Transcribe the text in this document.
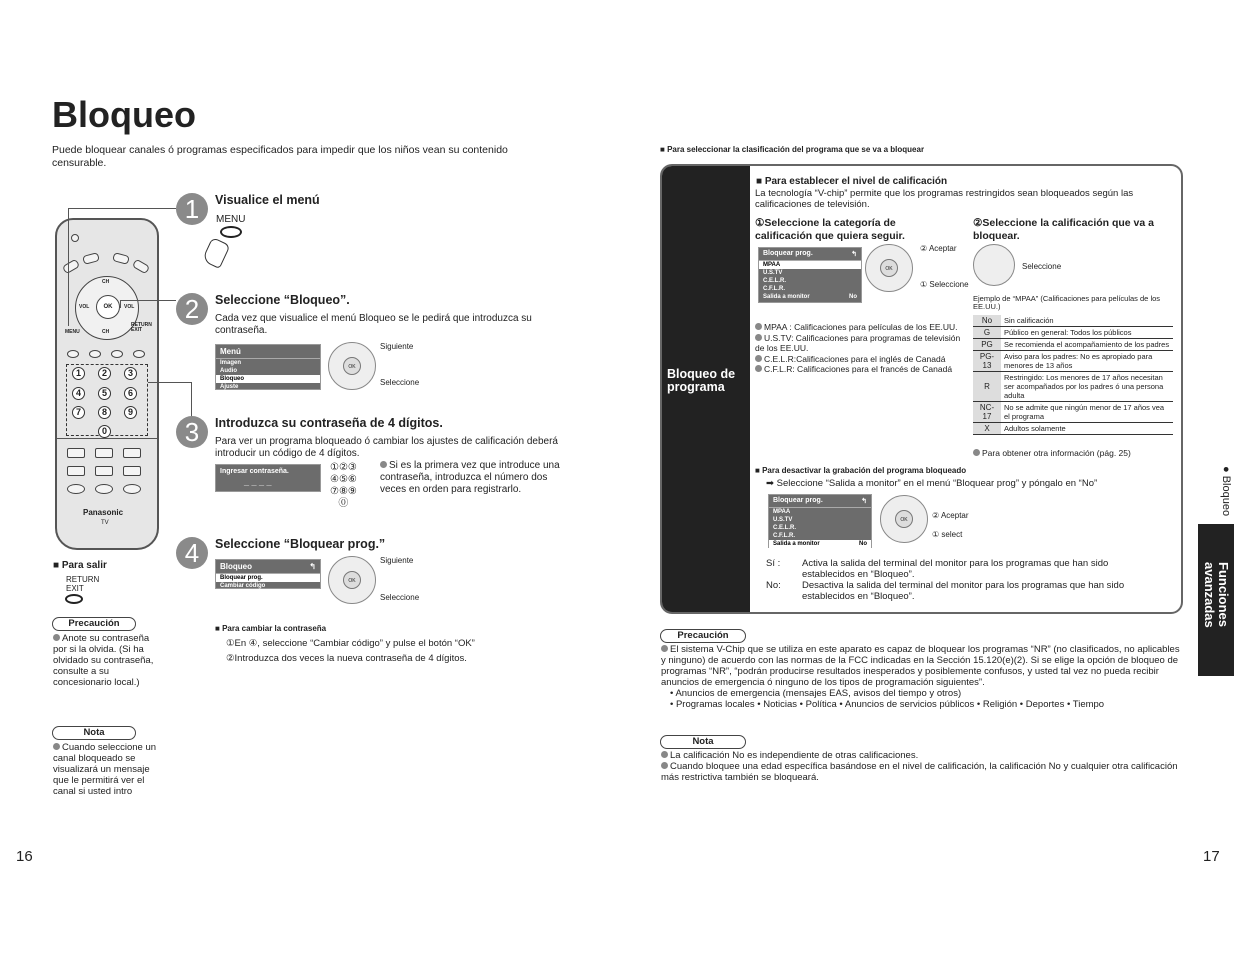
Bloqueo
Puede bloquear canales ó programas especificados para impedir que los niños vean su contenido censurable.
CH
OK
VOL	VOL
CH
MENU
RETURN EXIT
1	2	3
4	5	6
7	8	9
0
Panasonic
TV
1	Visualice el menú
MENU
2	Seleccione “Bloqueo”.
Cada vez que visualice el menú Bloqueo se le pedirá que introduzca su contraseña.
Menú
Imagen
Audio
Bloqueo
Ajuste
OK
Siguiente
Seleccione
3	Introduzca su contraseña de 4 dígitos.
Para ver un programa bloqueado ó cambiar los ajustes de calificación deberá introducir un código de 4 dígitos.
Ingresar contraseña.
_ _ _ _
①②③
④⑤⑥
⑦⑧⑨
⓪
Si es la primera vez que introduce una contraseña, introduzca el número dos veces en orden para registrarlo.
4	Seleccione “Bloquear prog.”
Bloqueo	↰
Bloquear prog.
Cambiar código
OK
Siguiente
Seleccione
■ Para cambiar la contraseña
①En ④, seleccione “Cambiar código” y pulse el botón “OK”
②Introduzca dos veces la nueva contraseña de 4 dígitos.
■ Para salir
RETURN
EXIT
Precaución
Anote su contraseña por si la olvida. (Si ha olvidado su contraseña, consulte a su concesionario local.)
Nota
Cuando seleccione un canal bloqueado se visualizará un mensaje que le permitirá ver el canal si usted intro
16
■ Para seleccionar la clasificación del programa que se va a bloquear
Bloqueo de programa
■ Para establecer el nivel de calificación
La tecnología “V-chip” permite que los programas restringidos sean bloqueados según las calificaciones de televisión.
①Seleccione la categoría de calificación que quiera seguir.
②Seleccione la calificación que va a bloquear.
Bloquear prog.	↰
MPAA
U.S.TV
C.E.L.R.
C.F.L.R.
Salida a monitor	No
OK
② Aceptar
① Seleccione
Seleccione
Ejemplo de “MPAA” (Calificaciones para películas de los EE.UU.)
MPAA : Calificaciones para películas de los EE.UU.
U.S.TV: Calificaciones para programas de televisión de los EE.UU.
C.E.L.R:Calificaciones para el inglés de Canadá
C.F.L.R: Calificaciones para el francés de Canadá
No	Sin calificación
G	Público en general: Todos los públicos
PG	Se recomienda el acompañamiento de los padres
PG-13	Aviso para los padres: No es apropiado para menores de 13 años
R	Restringido: Los menores de 17 años necesitan ser acompañados por los padres ó una persona adulta
NC-17	No se admite que ningún menor de 17 años vea el programa
X	Adultos solamente
Para obtener otra información (pág. 25)
■ Para desactivar la grabación del programa bloqueado
➡ Seleccione “Salida a monitor” en el menú “Bloquear prog” y póngalo en “No”
Bloquear prog.	↰
MPAA
U.S.TV
C.E.L.R.
C.F.L.R.
Salida a monitor	No
OK	② Aceptar
① select
Sí : Activa la salida del terminal del monitor para los programas que han sido establecidos en “Bloqueo”.
No: Desactiva la salida del terminal del monitor para los programas que han sido establecidos en “Bloqueo”.
Precaución
El sistema V-Chip que se utiliza en este aparato es capaz de bloquear los programas “NR” (no clasificados, no aplicables y ninguno) de acuerdo con las normas de la FCC indicadas en la Sección 15.120(e)(2). Si se elige la opción de bloqueo de programas “NR”, “podrán producirse resultados inesperados y posiblemente confusos, y usted tal vez no pueda recibir anuncios de emergencia ó ninguno de los tipos de programación siguientes”.
• Anuncios de emergencia (mensajes EAS, avisos del tiempo y otros)
• Programas locales • Noticias • Política • Anuncios de servicios públicos • Religión • Deportes • Tiempo
Nota
La calificación No es independiente de otras calificaciones.
Cuando bloquee una edad específica basándose en el nivel de calificación, la calificación No y cualquier otra calificación más restrictiva también se bloqueará.
17
● Bloqueo
Funciones avanzadas
